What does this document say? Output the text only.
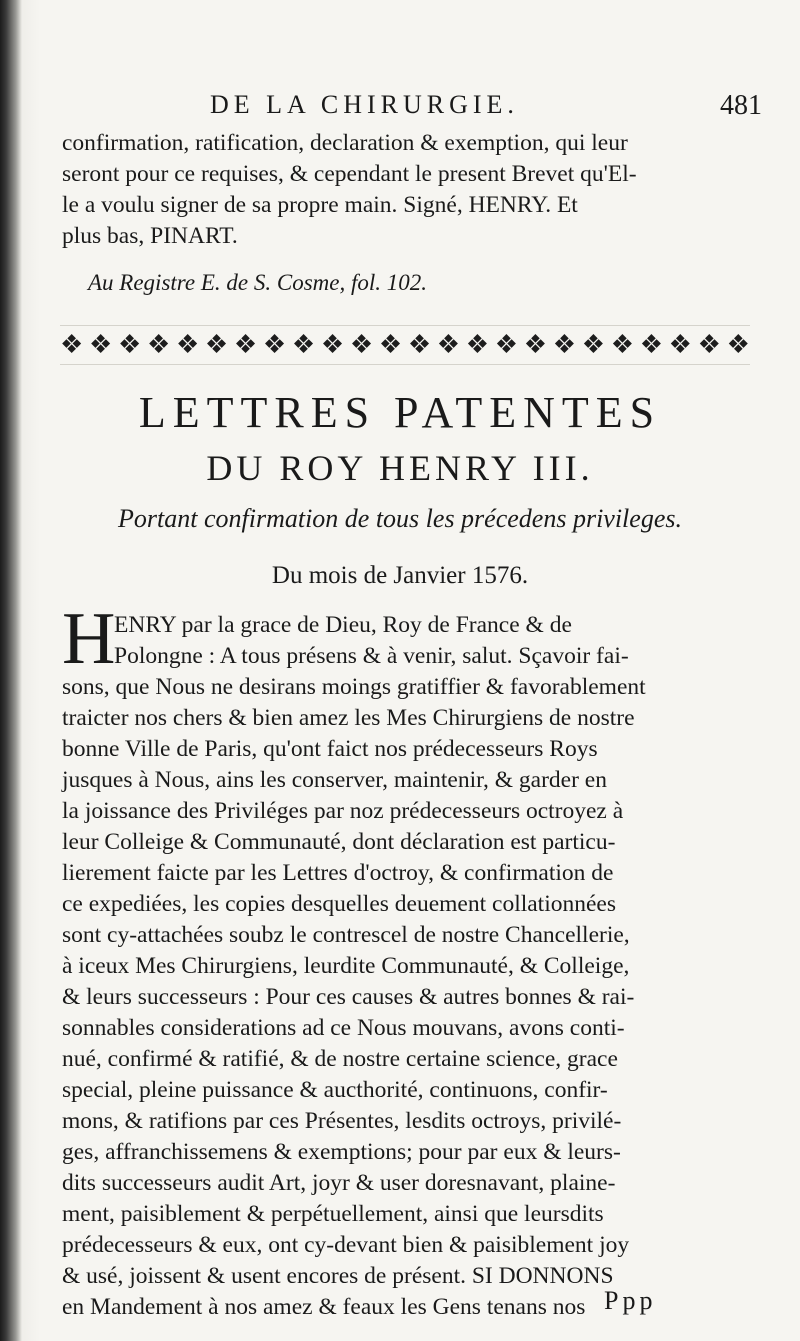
DE LA CHIRURGIE.	481
confirmation, ratification, declaration & exemption, qui leur
seront pour ce requises, & cependant le present Brevet qu'El-
le a voulu signer de sa propre main. Signé, HENRY. Et
plus bas, PINART.
Au Registre E. de S. Cosme, fol. 102.
❖ ❖ ❖ ❖ ❖ ❖ ❖ ❖ ❖ ❖ ❖ ❖ ❖ ❖ ❖ ❖ ❖ ❖ ❖ ❖ ❖ ❖ ❖ ❖
LETTRES PATENTES
DU ROY HENRY III.
Portant confirmation de tous les précedens privileges.
Du mois de Janvier 1576.
H
ENRY par la grace de Dieu, Roy de France & de
Polongne : A tous présens & à venir, salut. Sçavoir fai-
sons, que Nous ne desirans moings gratiffier & favorablement
traicter nos chers & bien amez les Mes Chirurgiens de nostre
bonne Ville de Paris, qu'ont faict nos prédecesseurs Roys
jusques à Nous, ains les conserver, maintenir, & garder en
la joissance des Priviléges par noz prédecesseurs octroyez à
leur Colleige & Communauté, dont déclaration est particu-
lierement faicte par les Lettres d'octroy, & confirmation de
ce expediées, les copies desquelles deuement collationnées
sont cy-attachées soubz le contrescel de nostre Chancellerie,
à iceux Mes Chirurgiens, leurdite Communauté, & Colleige,
& leurs successeurs : Pour ces causes & autres bonnes & rai-
sonnables considerations ad ce Nous mouvans, avons conti-
nué, confirmé & ratifié, & de nostre certaine science, grace
special, pleine puissance & aucthorité, continuons, confir-
mons, & ratifions par ces Présentes, lesdits octroys, privilé-
ges, affranchissemens & exemptions; pour par eux & leurs-
dits successeurs audit Art, joyr & user doresnavant, plaine-
ment, paisiblement & perpétuellement, ainsi que leursdits
prédecesseurs & eux, ont cy-devant bien & paisiblement joy
& usé, joissent & usent encores de présent. SI DONNONS
en Mandement à nos amez & feaux les Gens tenans nos Ppp
